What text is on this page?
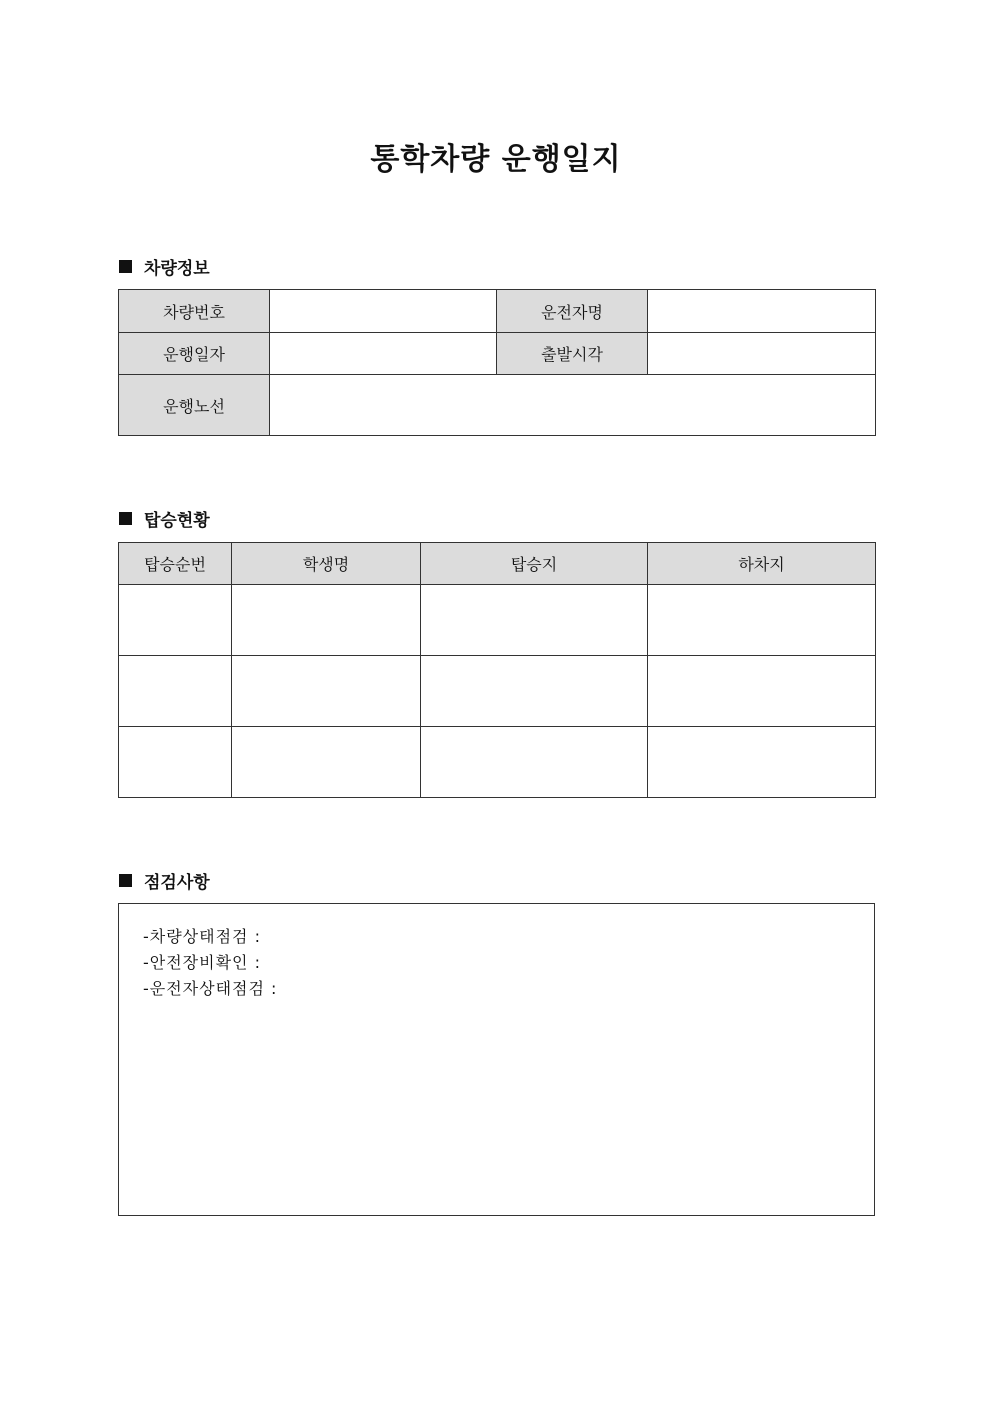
통학차량 운행일지
차량정보
차량번호		운전자명	
운행일자		출발시각	
운행노선			
탑승현황
탑승순번	학생명	탑승지	하차지

점검사항
-차량상태점검 :
-안전장비확인 :
-운전자상태점검 :
